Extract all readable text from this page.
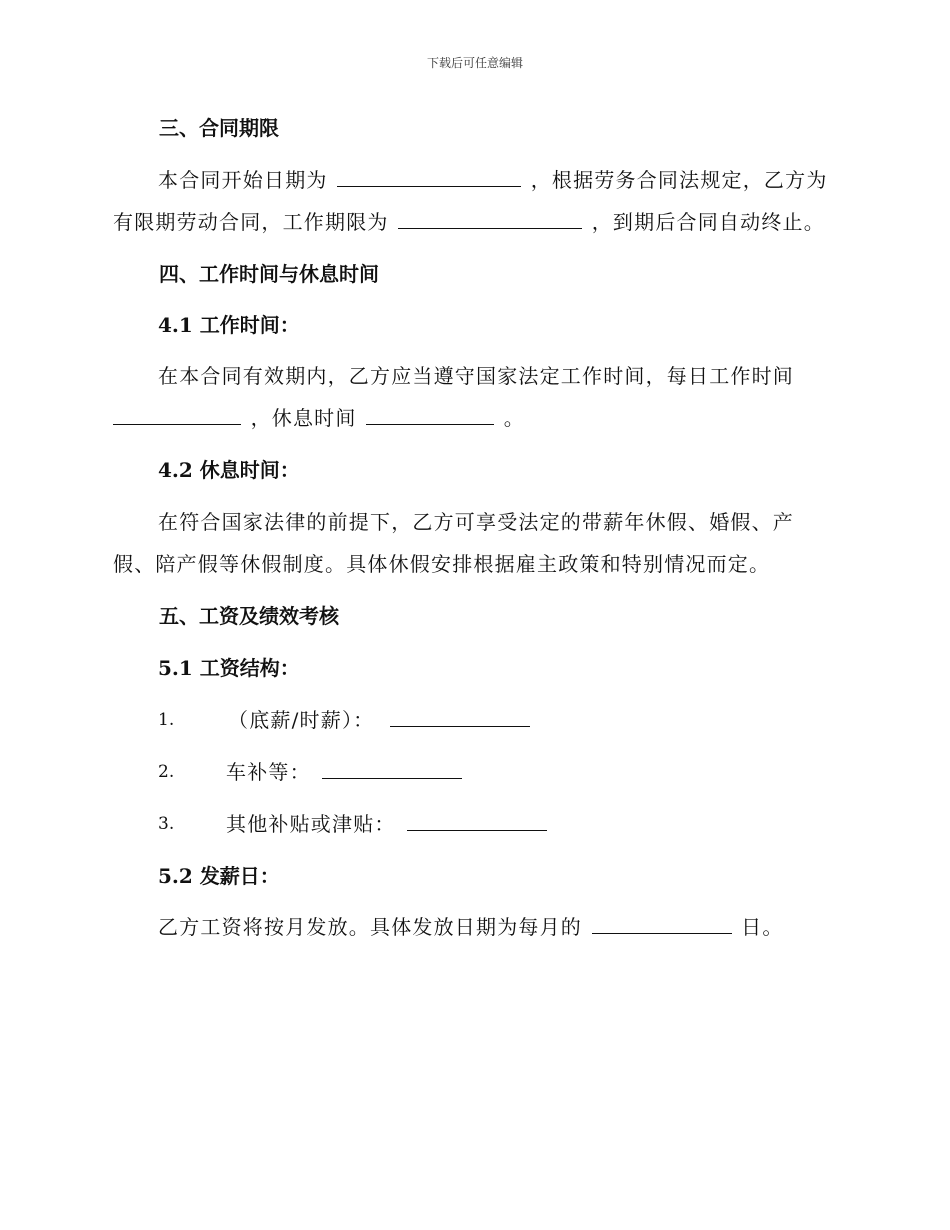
下载后可任意编辑
三、合同期限
本合同开始日期为	，根据劳务合同法规定，乙方为
有限期劳动合同，工作期限为	，到期后合同自动终止。
四、工作时间与休息时间
4.1 工作时间：
在本合同有效期内，乙方应当遵守国家法定工作时间，每日工作时间
，休息时间	。
4.2 休息时间：
在符合国家法律的前提下，乙方可享受法定的带薪年休假、婚假、产
假、陪产假等休假制度。具体休假安排根据雇主政策和特别情况而定。
五、工资及绩效考核
5.1 工资结构：
1.	（底薪/时薪）：
2.	车补等：
3.	其他补贴或津贴：
5.2 发薪日：
乙方工资将按月发放。具体发放日期为每月的	日。
